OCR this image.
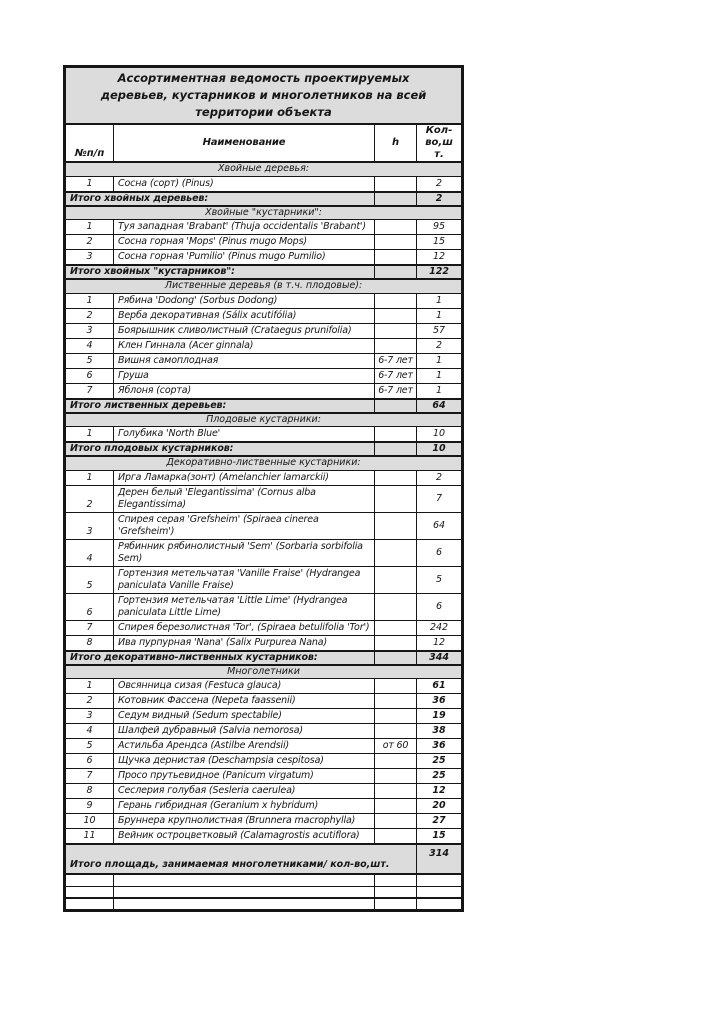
Ассортиментная ведомость проектируемых деревьев, кустарников и многолетников на всей территории объекта			
№п/п	Наименование	h	Кол-во,шт.
Хвойные деревья:			
1	Сосна (сорт) (Pinus)		2
Итого хвойных деревьев:			2
Хвойные "кустарники":			
1	Туя западная 'Brabant' (Thuja occidentalis 'Brabant')		95
2	Сосна горная 'Mops' (Pinus mugo Mops)		15
3	Сосна горная 'Pumilio' (Pinus mugo Pumilio)		12
Итого хвойных "кустарников":			122
Лиственные деревья (в т.ч. плодовые):			
1	Рябина 'Dodong' (Sorbus Dodong)		1
2	Верба декоративная (Sálix acutifólia)		1
3	Боярышник сливолистный (Crataegus prunifolia)		57
4	Клен Гиннала (Acer ginnala)		2
5	Вишня самоплодная	6-7 лет	1
6	Груша	6-7 лет	1
7	Яблоня (сорта)	6-7 лет	1
Итого лиственных деревьев:			64
Плодовые кустарники:			
1	Голубика 'North Blue'		10
Итого плодовых кустарников:			10
Декоративно-лиственные кустарники:			
1	Ирга Ламарка(зонт) (Amelanchier lamarckii)		2
2	Дерен белый 'Elegantissima' (Cornus alba Elegantissima)		7
3	Спирея серая 'Grefsheim' (Spiraea cinerea 'Grefsheim')		64
4	Рябинник рябинолистный 'Sem' (Sorbaria sorbifolia Sem)		6
5	Гортензия метельчатая 'Vanille Fraise' (Hydrangea paniculata Vanille Fraise)		5
6	Гортензия метельчатая 'Little Lime' (Hydrangea paniculata Little Lime)		6
7	Спирея березолистная 'Tor', (Spiraea betulifolia 'Tor')		242
8	Ива пурпурная 'Nana' (Salix Purpurea Nana)		12
Итого декоративно-лиственных кустарников:			344
Многолетники			
1	Овсянница сизая (Festuca glauca)		61
2	Котовник Фассена (Nepeta faassenii)		36
3	Седум видный (Sedum spectabile)		19
4	Шалфей дубравный (Salvia nemorosa)		38
5	Астильба Арендса (Astilbe Arendsii)	от 60	36
6	Щучка дернистая (Deschampsia cespitosa)		25
7	Просо прутьевидное (Panicum virgatum)		25
8	Сеслерия голубая (Sesleria caerulea)		12
9	Герань гибридная (Geranium x hybridum)		20
10	Бруннера крупнолистная (Brunnera macrophylla)		27
11	Вейник остроцветковый (Calamagrostis acutiflora)		15
Итого площадь, занимаемая многолетниками/ кол-во,шт.			314
